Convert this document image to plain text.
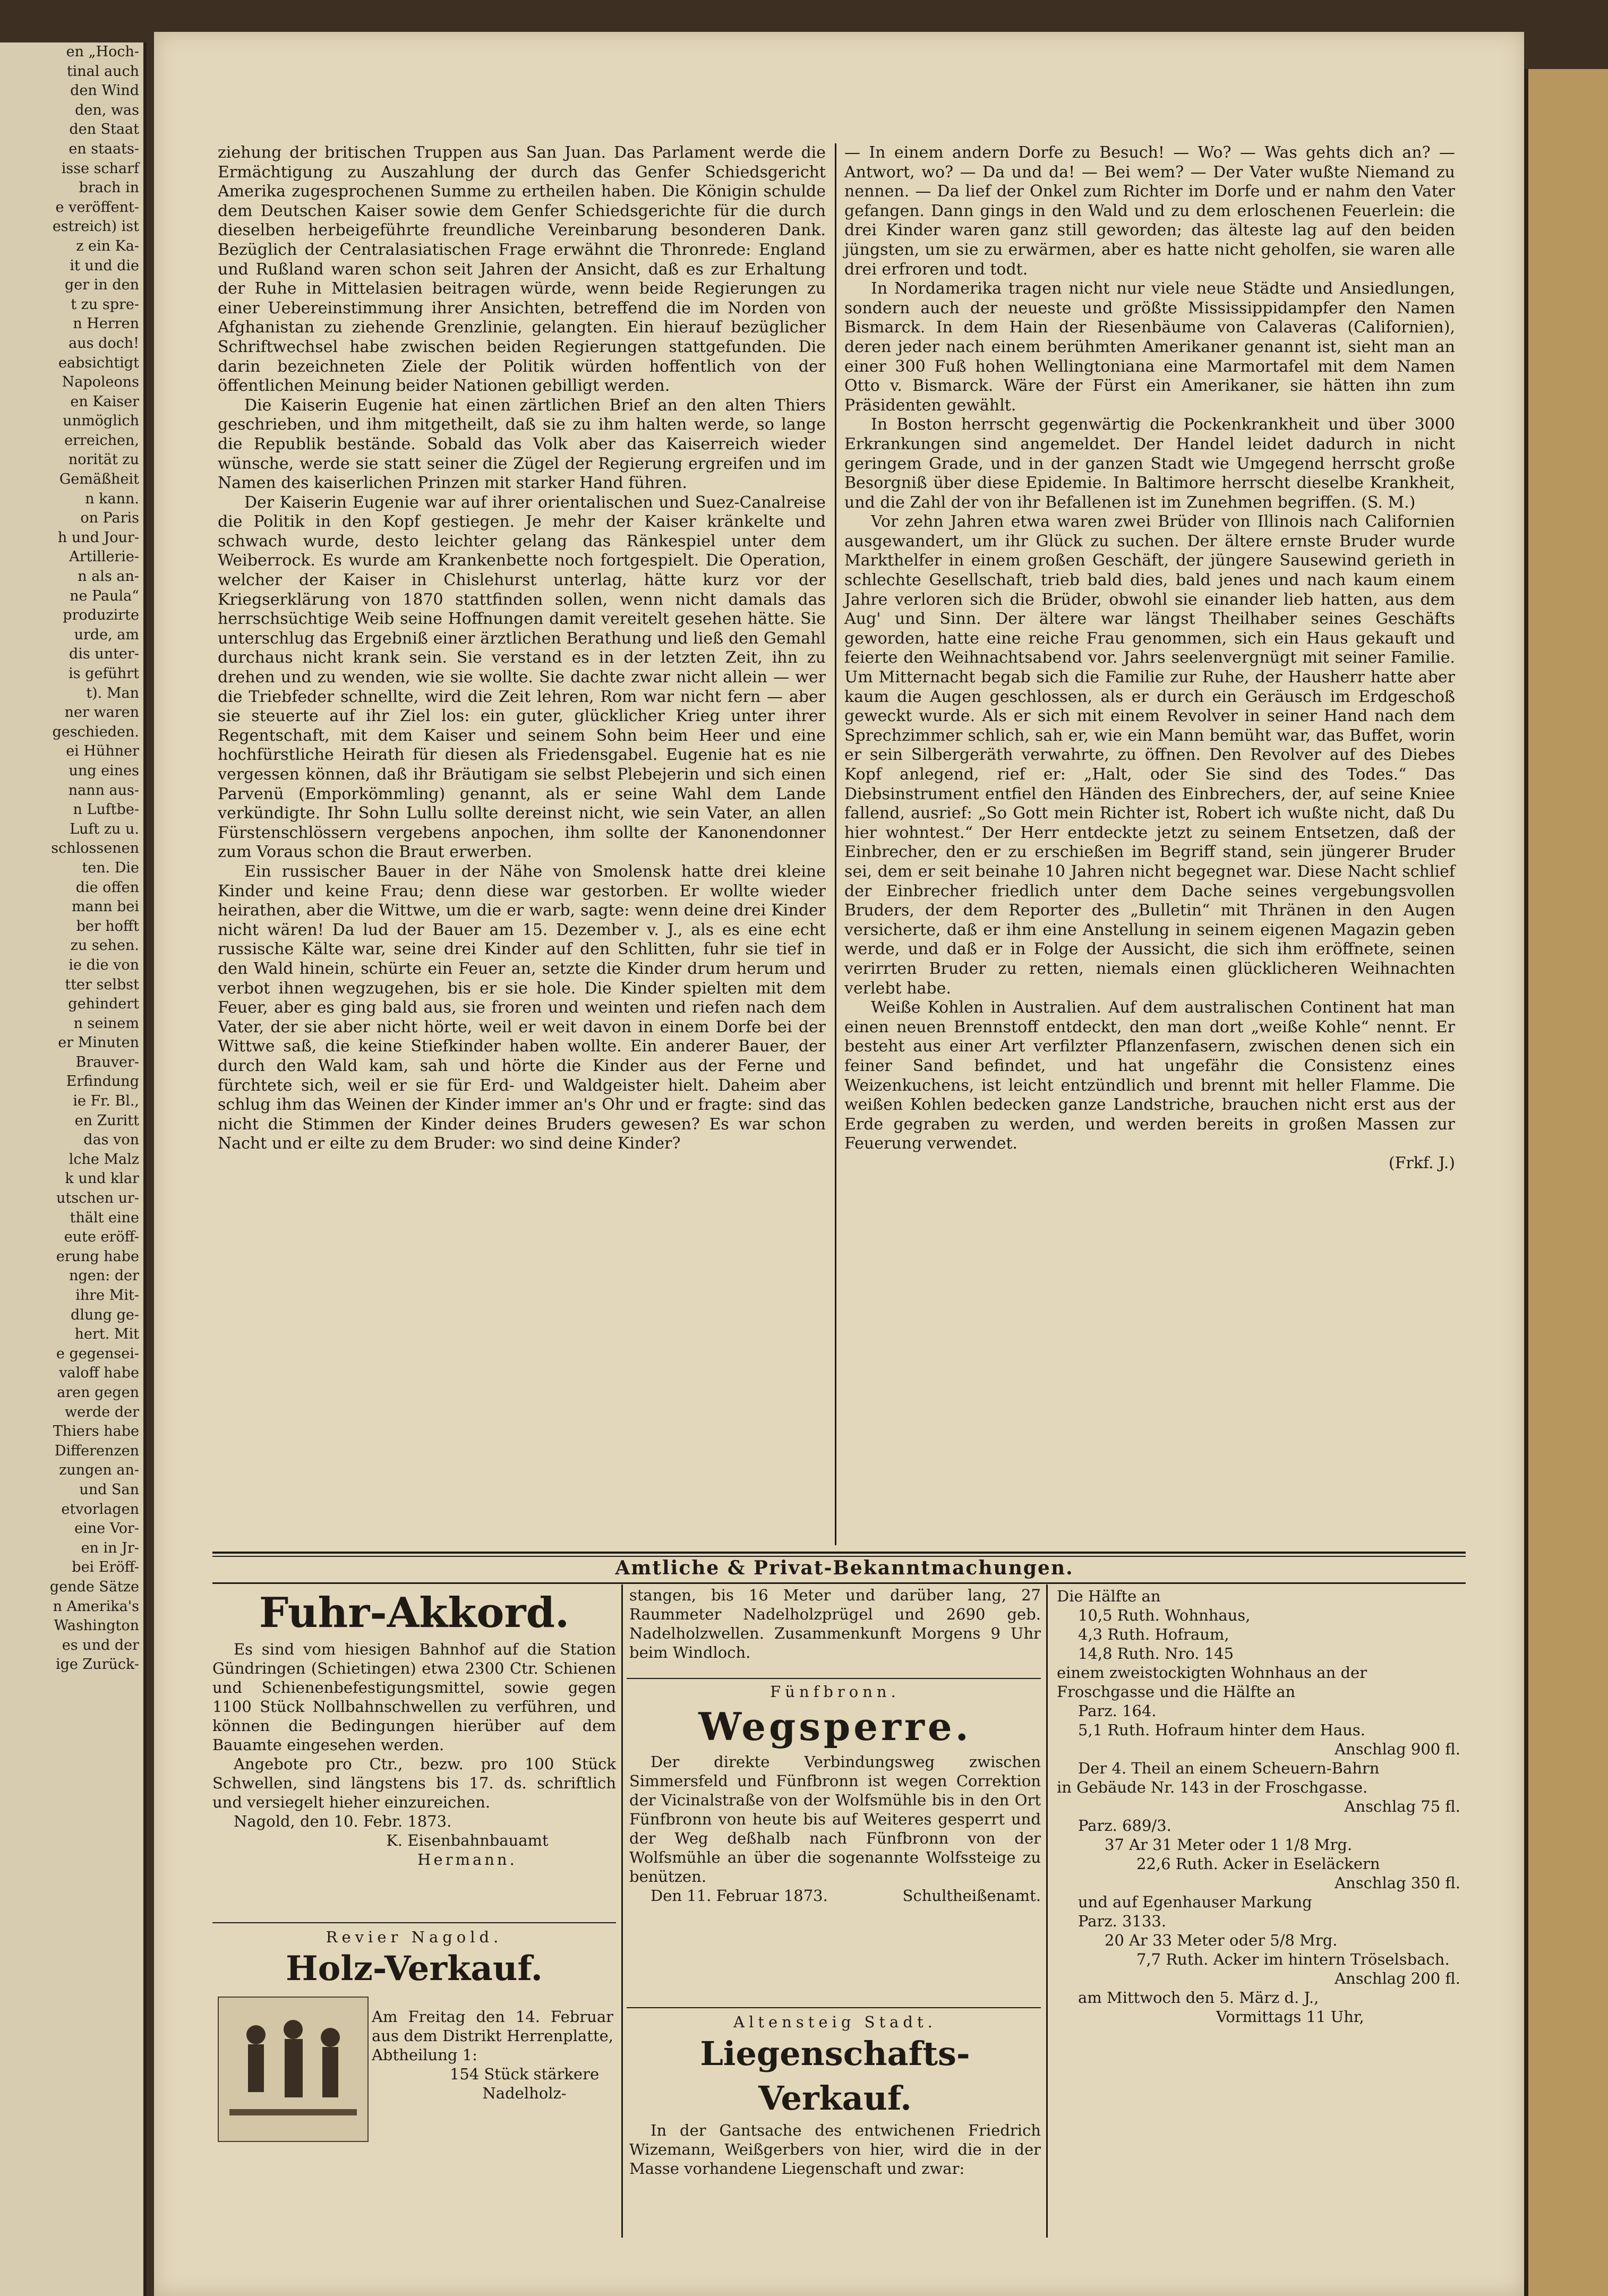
en „Hoch-

tinal auch

den Wind

den, was

den Staat

en staats-

isse scharf

brach in

e veröffent-

estreich) ist

z ein Ka-

it und die

ger in den

t zu spre-

n Herren

aus doch!

eabsichtigt

Napoleons

en Kaiser

unmöglich

erreichen,

norität zu

Gemäßheit

n kann.

on Paris

h und Jour-

Artillerie-

n als an-

ne Paula“

produzirte

urde, am

dis unter-

is geführt

t). Man

ner waren

geschieden.

ei Hühner

ung eines

nann aus-

n Luftbe-

Luft zu u.

schlossenen

ten. Die

die offen

mann bei

ber hofft

zu sehen.

ie die von

tter selbst

gehindert

n seinem

er Minuten

Brauver-

Erfindung

ie Fr. Bl.,

en Zuritt

das von

lche Malz

k und klar

utschen ur-

thält eine

eute eröff-

erung habe

ngen: der

ihre Mit-

dlung ge-

hert. Mit

e gegensei-

valoff habe

aren gegen

werde der

Thiers habe

Differenzen

zungen an-

und San

etvorlagen

eine Vor-

en in Jr-

bei Eröff-

gende Sätze

n Amerika's

Washington

es und der

ige Zurück-

ziehung der britischen Truppen aus San Juan. Das Parlament werde die Ermächtigung zu Auszahlung der durch das Genfer Schiedsgericht Amerika zugesprochenen Summe zu ertheilen haben. Die Königin schulde dem Deutschen Kaiser sowie dem Genfer Schiedsgerichte für die durch dieselben herbeigeführte freundliche Vereinbarung besonderen Dank. Bezüglich der Centralasiatischen Frage erwähnt die Thronrede: England und Rußland waren schon seit Jahren der Ansicht, daß es zur Erhaltung der Ruhe in Mittelasien beitragen würde, wenn beide Regierungen zu einer Uebereinstimmung ihrer Ansichten, betreffend die im Norden von Afghanistan zu ziehende Grenzlinie, gelangten. Ein hierauf bezüglicher Schriftwechsel habe zwischen beiden Regierungen stattgefunden. Die darin bezeichneten Ziele der Politik würden hoffentlich von der öffentlichen Meinung beider Nationen gebilligt werden.

Die Kaiserin Eugenie hat einen zärtlichen Brief an den alten Thiers geschrieben, und ihm mitgetheilt, daß sie zu ihm halten werde, so lange die Republik bestände. Sobald das Volk aber das Kaiserreich wieder wünsche, werde sie statt seiner die Zügel der Regierung ergreifen und im Namen des kaiserlichen Prinzen mit starker Hand führen.

Der Kaiserin Eugenie war auf ihrer orientalischen und Suez-Canalreise die Politik in den Kopf gestiegen. Je mehr der Kaiser kränkelte und schwach wurde, desto leichter gelang das Ränkespiel unter dem Weiberrock. Es wurde am Krankenbette noch fortgespielt. Die Operation, welcher der Kaiser in Chislehurst unterlag, hätte kurz vor der Kriegserklärung von 1870 stattfinden sollen, wenn nicht damals das herrschsüchtige Weib seine Hoffnungen damit vereitelt gesehen hätte. Sie unterschlug das Ergebniß einer ärztlichen Berathung und ließ den Gemahl durchaus nicht krank sein. Sie verstand es in der letzten Zeit, ihn zu drehen und zu wenden, wie sie wollte. Sie dachte zwar nicht allein — wer die Triebfeder schnellte, wird die Zeit lehren, Rom war nicht fern — aber sie steuerte auf ihr Ziel los: ein guter, glücklicher Krieg unter ihrer Regentschaft, mit dem Kaiser und seinem Sohn beim Heer und eine hochfürstliche Heirath für diesen als Friedensgabel. Eugenie hat es nie vergessen können, daß ihr Bräutigam sie selbst Plebejerin und sich einen Parvenü (Emporkömmling) genannt, als er seine Wahl dem Lande verkündigte. Ihr Sohn Lullu sollte dereinst nicht, wie sein Vater, an allen Fürstenschlössern vergebens anpochen, ihm sollte der Kanonendonner zum Voraus schon die Braut erwerben.

Ein russischer Bauer in der Nähe von Smolensk hatte drei kleine Kinder und keine Frau; denn diese war gestorben. Er wollte wieder heirathen, aber die Wittwe, um die er warb, sagte: wenn deine drei Kinder nicht wären! Da lud der Bauer am 15. Dezember v. J., als es eine echt russische Kälte war, seine drei Kinder auf den Schlitten, fuhr sie tief in den Wald hinein, schürte ein Feuer an, setzte die Kinder drum herum und verbot ihnen wegzugehen, bis er sie hole. Die Kinder spielten mit dem Feuer, aber es ging bald aus, sie froren und weinten und riefen nach dem Vater, der sie aber nicht hörte, weil er weit davon in einem Dorfe bei der Wittwe saß, die keine Stiefkinder haben wollte. Ein anderer Bauer, der durch den Wald kam, sah und hörte die Kinder aus der Ferne und fürchtete sich, weil er sie für Erd- und Waldgeister hielt. Daheim aber schlug ihm das Weinen der Kinder immer an's Ohr und er fragte: sind das nicht die Stimmen der Kinder deines Bruders gewesen? Es war schon Nacht und er eilte zu dem Bruder: wo sind deine Kinder?

— In einem andern Dorfe zu Besuch! — Wo? — Was gehts dich an? — Antwort, wo? — Da und da! — Bei wem? — Der Vater wußte Niemand zu nennen. — Da lief der Onkel zum Richter im Dorfe und er nahm den Vater gefangen. Dann gings in den Wald und zu dem erloschenen Feuerlein: die drei Kinder waren ganz still geworden; das älteste lag auf den beiden jüngsten, um sie zu erwärmen, aber es hatte nicht geholfen, sie waren alle drei erfroren und todt.

In Nordamerika tragen nicht nur viele neue Städte und Ansiedlungen, sondern auch der neueste und größte Mississippidampfer den Namen Bismarck. In dem Hain der Riesenbäume von Calaveras (Californien), deren jeder nach einem berühmten Amerikaner genannt ist, sieht man an einer 300 Fuß hohen Wellingtoniana eine Marmortafel mit dem Namen Otto v. Bismarck. Wäre der Fürst ein Amerikaner, sie hätten ihn zum Präsidenten gewählt.

In Boston herrscht gegenwärtig die Pockenkrankheit und über 3000 Erkrankungen sind angemeldet. Der Handel leidet dadurch in nicht geringem Grade, und in der ganzen Stadt wie Umgegend herrscht große Besorgniß über diese Epidemie. In Baltimore herrscht dieselbe Krankheit, und die Zahl der von ihr Befallenen ist im Zunehmen begriffen. (S. M.)

Vor zehn Jahren etwa waren zwei Brüder von Illinois nach Californien ausgewandert, um ihr Glück zu suchen. Der ältere ernste Bruder wurde Markthelfer in einem großen Geschäft, der jüngere Sausewind gerieth in schlechte Gesellschaft, trieb bald dies, bald jenes und nach kaum einem Jahre verloren sich die Brüder, obwohl sie einander lieb hatten, aus dem Aug' und Sinn. Der ältere war längst Theilhaber seines Geschäfts geworden, hatte eine reiche Frau genommen, sich ein Haus gekauft und feierte den Weihnachtsabend vor. Jahrs seelenvergnügt mit seiner Familie. Um Mitternacht begab sich die Familie zur Ruhe, der Hausherr hatte aber kaum die Augen geschlossen, als er durch ein Geräusch im Erdgeschoß geweckt wurde. Als er sich mit einem Revolver in seiner Hand nach dem Sprechzimmer schlich, sah er, wie ein Mann bemüht war, das Buffet, worin er sein Silbergeräth verwahrte, zu öffnen. Den Revolver auf des Diebes Kopf anlegend, rief er: „Halt, oder Sie sind des Todes.“ Das Diebsinstrument entfiel den Händen des Einbrechers, der, auf seine Kniee fallend, ausrief: „So Gott mein Richter ist, Robert ich wußte nicht, daß Du hier wohntest.“ Der Herr entdeckte jetzt zu seinem Entsetzen, daß der Einbrecher, den er zu erschießen im Begriff stand, sein jüngerer Bruder sei, dem er seit beinahe 10 Jahren nicht begegnet war. Diese Nacht schlief der Einbrecher friedlich unter dem Dache seines vergebungsvollen Bruders, der dem Reporter des „Bulletin“ mit Thränen in den Augen versicherte, daß er ihm eine Anstellung in seinem eigenen Magazin geben werde, und daß er in Folge der Aussicht, die sich ihm eröffnete, seinen verirrten Bruder zu retten, niemals einen glücklicheren Weihnachten verlebt habe.

Weiße Kohlen in Australien. Auf dem australischen Continent hat man einen neuen Brennstoff entdeckt, den man dort „weiße Kohle“ nennt. Er besteht aus einer Art verfilzter Pflanzenfasern, zwischen denen sich ein feiner Sand befindet, und hat ungefähr die Consistenz eines Weizenkuchens, ist leicht entzündlich und brennt mit heller Flamme. Die weißen Kohlen bedecken ganze Landstriche, brauchen nicht erst aus der Erde gegraben zu werden, und werden bereits in großen Massen zur Feuerung verwendet.

(Frkf. J.)

Amtliche & Privat-Bekanntmachungen.
Fuhr-Akkord.

Es sind vom hiesigen Bahnhof auf die Station Gündringen (Schietingen) etwa 2300 Ctr. Schienen und Schienenbefestigungsmittel, sowie gegen 1100 Stück Nollbahnschwellen zu verführen, und können die Bedingungen hierüber auf dem Bauamte eingesehen werden.

Angebote pro Ctr., bezw. pro 100 Stück Schwellen, sind längstens bis 17. ds. schriftlich und versiegelt hieher einzureichen.

Nagold, den 10. Febr. 1873.

K. Eisenbahnbauamt

Hermann.

Revier Nagold.
Holz-Verkauf.

Am Freitag den 14. Februar aus dem Distrikt Herrenplatte, Abtheilung 1:

154 Stück stärkere Nadelholz-

stangen, bis 16 Meter und darüber lang, 27 Raummeter Nadelholzprügel und 2690 geb. Nadelholzwellen. Zusammenkunft Morgens 9 Uhr beim Windloch.

Fünfbronn.
Wegsperre.

Der direkte Verbindungsweg zwischen Simmersfeld und Fünfbronn ist wegen Correktion der Vicinalstraße von der Wolfsmühle bis in den Ort Fünfbronn von heute bis auf Weiteres gesperrt und der Weg deßhalb nach Fünfbronn von der Wolfsmühle an über die sogenannte Wolfssteige zu benützen.

Den 11. Februar 1873.	Schultheißenamt.
Altensteig Stadt.
Liegenschafts-Verkauf.

In der Gantsache des entwichenen Friedrich Wizemann, Weißgerbers von hier, wird die in der Masse vorhandene Liegenschaft und zwar:

Die Hälfte an

10,5 Ruth. Wohnhaus,

4,3 Ruth. Hofraum,

14,8 Ruth. Nro. 145

einem zweistockigten Wohnhaus an der

Froschgasse und die Hälfte an

Parz. 164.

5,1 Ruth. Hofraum hinter dem Haus.

Anschlag 900 fl.

Der 4. Theil an einem Scheuern-Bahrn

in Gebäude Nr. 143 in der Froschgasse.

Anschlag 75 fl.

Parz. 689/3.

37 Ar 31 Meter oder 1 1/8 Mrg.

22,6 Ruth. Acker in Eseläckern

Anschlag 350 fl.

und auf Egenhauser Markung

Parz. 3133.

20 Ar 33 Meter oder 5/8 Mrg.

7,7 Ruth. Acker im hintern Tröselsbach.

Anschlag 200 fl.

am Mittwoch den 5. März d. J.,

Vormittags 11 Uhr,
